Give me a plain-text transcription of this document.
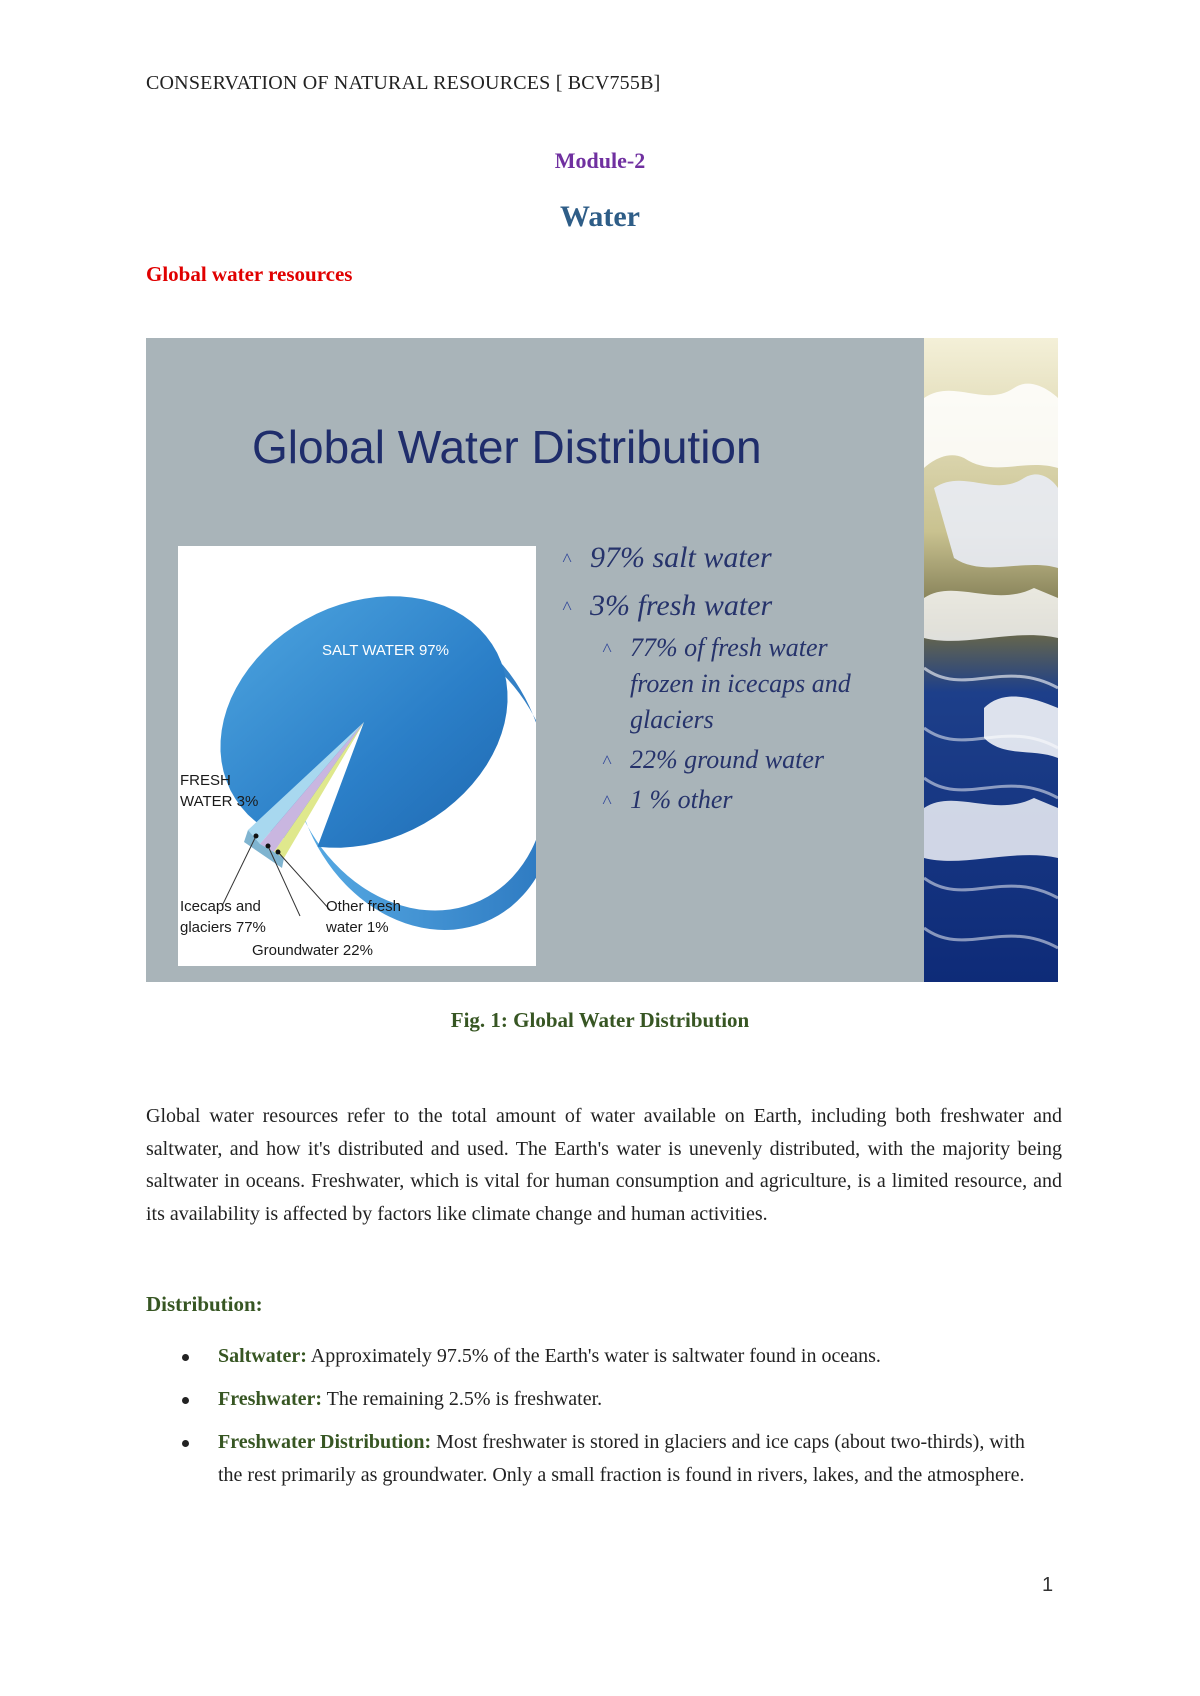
CONSERVATION OF NATURAL RESOURCES [ BCV755B]
Module-2
Water
Global water resources
Global Water Distribution
˄ 97% salt water
˄ 3% fresh water
˄ 77% of fresh water
frozen in icecaps and
glaciers
˄ 22% ground water
˄ 1 % other
SALT WATER 97%
FRESH
WATER 3%
Icecaps and
glaciers 77%
Other fresh
water 1%
Groundwater 22%
Fig. 1: Global Water Distribution
Global water resources refer to the total amount of water available on Earth, including both freshwater and saltwater, and how it's distributed and used. The Earth's water is unevenly distributed, with the majority being saltwater in oceans. Freshwater, which is vital for human consumption and agriculture, is a limited resource, and its availability is affected by factors like climate change and human activities.
Distribution:
Saltwater: Approximately 97.5% of the Earth's water is saltwater found in oceans.
Freshwater: The remaining 2.5% is freshwater.
Freshwater Distribution: Most freshwater is stored in glaciers and ice caps (about two-thirds), with the rest primarily as groundwater. Only a small fraction is found in rivers, lakes, and the atmosphere.
1
